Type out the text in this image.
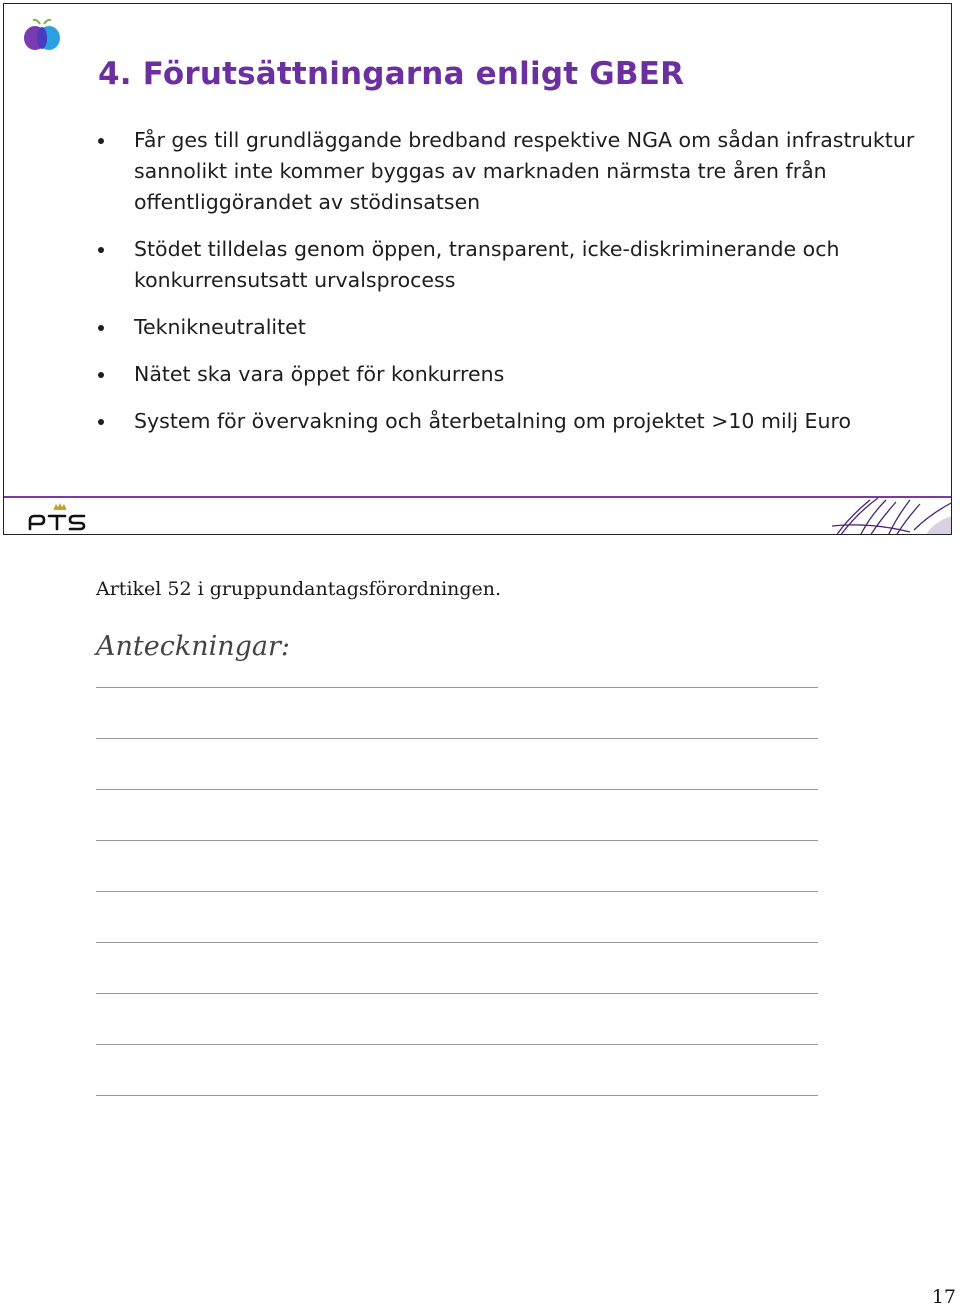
4. Förutsättningarna enligt GBER
Får ges till grundläggande bredband respektive NGA om sådan infrastruktur sannolikt inte kommer byggas av marknaden närmsta tre åren från offentliggörandet av stödinsatsen
Stödet tilldelas genom öppen, transparent, icke-diskriminerande och konkurrensutsatt urvalsprocess
Teknikneutralitet
Nätet ska vara öppet för konkurrens
System för övervakning och återbetalning om projektet >10 milj Euro
Artikel 52 i gruppundantagsförordningen.
Anteckningar:
17
